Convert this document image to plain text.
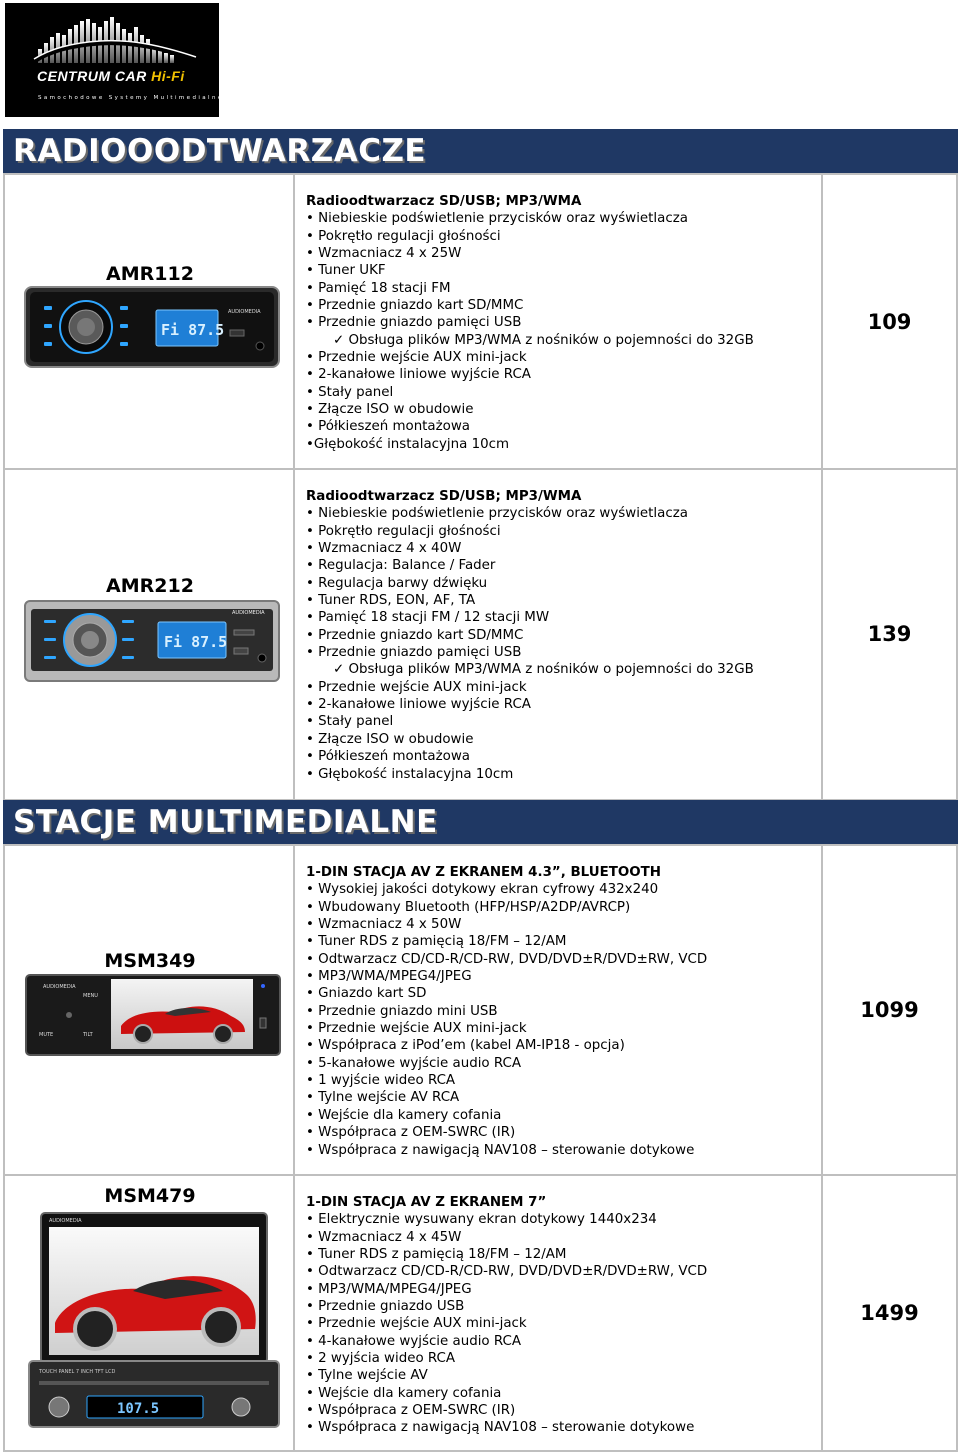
CENTRUM CAR Hi-Fi
Samochodowe Systemy Multimedialne
RADIOOODTWARZACZE
AMR112
Fi 87.5
AUDIOMEDIA
Radioodtwarzacz SD/USB; MP3/WMA
• Niebieskie podświetlenie przycisków oraz wyświetlacza
• Pokrętło regulacji głośności
• Wzmacniacz 4 x 25W
• Tuner UKF
• Pamięć 18 stacji FM
• Przednie gniazdo kart SD/MMC
• Przednie gniazdo pamięci USB
✓ Obsługa plików MP3/WMA z nośników o pojemności do 32GB
• Przednie wejście AUX mini-jack
• 2-kanałowe liniowe wyjście RCA
• Stały panel
• Złącze ISO w obudowie
• Półkieszeń montażowa
• Głębokość instalacyjna 10cm
109
AMR212
Fi 87.5
AUDIOMEDIA
Radioodtwarzacz SD/USB; MP3/WMA
• Niebieskie podświetlenie przycisków oraz wyświetlacza
• Pokrętło regulacji głośności
• Wzmacniacz 4 x 40W
• Regulacja: Balance / Fader
• Regulacja barwy dźwięku
• Tuner RDS, EON, AF, TA
• Pamięć 18 stacji FM / 12 stacji MW
• Przednie gniazdo kart SD/MMC
• Przednie gniazdo pamięci USB
✓ Obsługa plików MP3/WMA z nośników o pojemności do 32GB
• Przednie wejście AUX mini-jack
• 2-kanałowe liniowe wyjście RCA
• Stały panel
• Złącze ISO w obudowie
• Półkieszeń montażowa
• Głębokość instalacyjna 10cm
139
STACJE MULTIMEDIALNE
MSM349
AUDIOMEDIA
MENU
MUTE	TILT
1-DIN STACJA AV Z EKRANEM 4.3”, BLUETOOTH
• Wysokiej jakości dotykowy ekran cyfrowy 432x240
• Wbudowany Bluetooth (HFP/HSP/A2DP/AVRCP)
• Wzmacniacz 4 x 50W
• Tuner RDS z pamięcią 18/FM – 12/AM
• Odtwarzacz CD/CD-R/CD-RW, DVD/DVD±R/DVD±RW, VCD
• MP3/WMA/MPEG4/JPEG
• Gniazdo kart SD
• Przednie gniazdo mini USB
• Przednie wejście AUX mini-jack
• Współpraca z iPod’em (kabel AM-IP18 - opcja)
• 5-kanałowe wyjście audio RCA
• 1 wyjście wideo RCA
• Tylne wejście AV RCA
• Wejście dla kamery cofania
• Współpraca z OEM-SWRC (IR)
• Współpraca z nawigacją NAV108 – sterowanie dotykowe
1099
MSM479
AUDIOMEDIA
TOUCH PANEL 7 INCH TFT LCD
107.5
1-DIN STACJA AV Z EKRANEM 7”
• Elektrycznie wysuwany ekran dotykowy 1440x234
• Wzmacniacz 4 x 45W
• Tuner RDS z pamięcią 18/FM – 12/AM
• Odtwarzacz CD/CD-R/CD-RW, DVD/DVD±R/DVD±RW, VCD
• MP3/WMA/MPEG4/JPEG
• Przednie gniazdo USB
• Przednie wejście AUX mini-jack
• 4-kanałowe wyjście audio RCA
• 2 wyjścia wideo RCA
• Tylne wejście AV
• Wejście dla kamery cofania
• Współpraca z OEM-SWRC (IR)
• Współpraca z nawigacją NAV108 – sterowanie dotykowe
1499
